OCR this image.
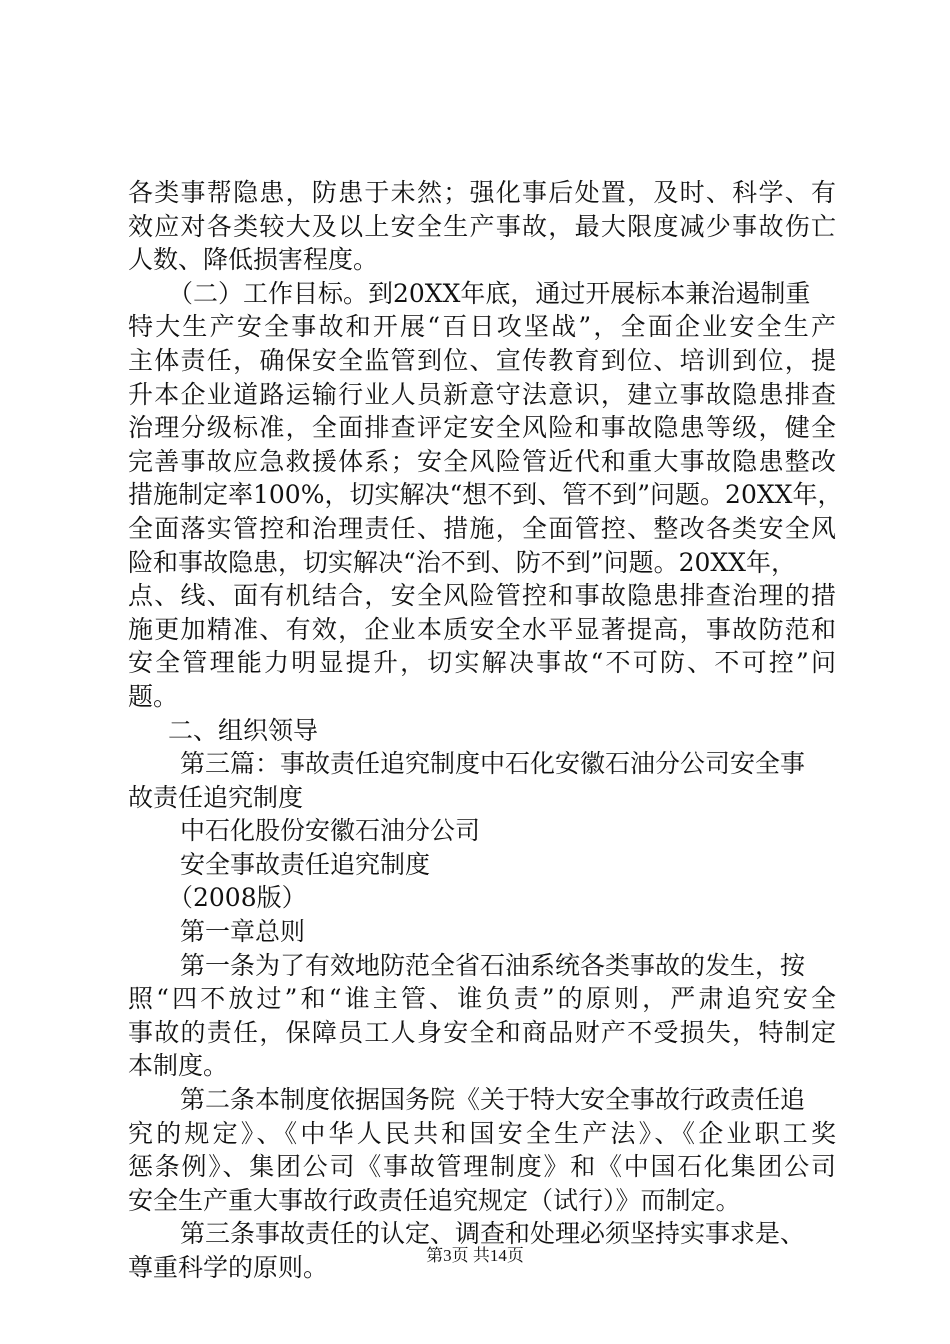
各类事帮隐患，防患于未然；强化事后处置，及时、科学、有
效应对各类较大及以上安全生产事故，最大限度减少事故伤亡
人数、降低损害程度。
（二）工作目标。到20XX年底，通过开展标本兼治遏制重
特大生产安全事故和开展“百日攻坚战”，全面企业安全生产
主体责任，确保安全监管到位、宣传教育到位、培训到位，提
升本企业道路运输行业人员新意守法意识，建立事故隐患排查
治理分级标准，全面排查评定安全风险和事故隐患等级，健全
完善事故应急救援体系；安全风险管近代和重大事故隐患整改
措施制定率100%，切实解决“想不到、管不到”问题。20XX年，
全面落实管控和治理责任、措施，全面管控、整改各类安全风
险和事故隐患，切实解决“治不到、防不到”问题。20XX年，
点、线、面有机结合，安全风险管控和事故隐患排查治理的措
施更加精准、有效，企业本质安全水平显著提高，事故防范和
安全管理能力明显提升，切实解决事故“不可防、不可控”问
题。
二、组织领导
第三篇：事故责任追究制度中石化安徽石油分公司安全事
故责任追究制度
中石化股份安徽石油分公司
安全事故责任追究制度
（2008版）
第一章总则
第一条为了有效地防范全省石油系统各类事故的发生，按
照“四不放过”和“谁主管、谁负责”的原则，严肃追究安全
事故的责任，保障员工人身安全和商品财产不受损失，特制定
本制度。
第二条本制度依据国务院《关于特大安全事故行政责任追
究的规定》、《中华人民共和国安全生产法》、《企业职工奖
惩条例》、集团公司《事故管理制度》和《中国石化集团公司
安全生产重大事故行政责任追究规定（试行）》而制定。
第三条事故责任的认定、调查和处理必须坚持实事求是、
尊重科学的原则。	第3页 共14页
